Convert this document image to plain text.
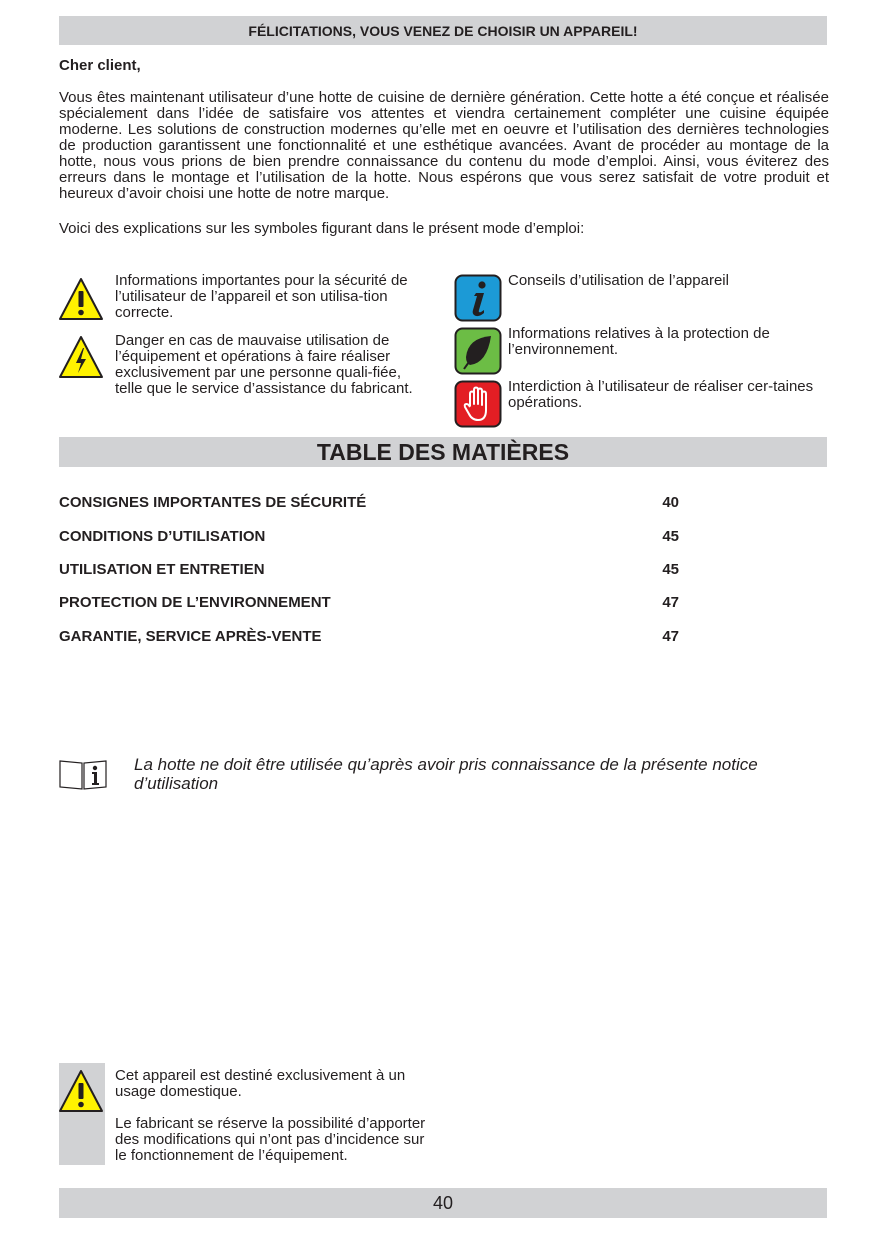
FÉLICITATIONS, VOUS VENEZ DE CHOISIR UN APPAREIL!

Cher client,

Vous êtes maintenant utilisateur d’une hotte de cuisine de dernière génération. Cette hotte a été conçue et réalisée spécialement dans l’idée de satisfaire vos attentes et viendra certainement compléter une cuisine équipée moderne. Les solutions de construction modernes qu’elle met en oeuvre et l’utilisation des dernières technologies de production garantissent une fonctionnalité et une esthétique avancées. Avant de procéder au montage de la hotte, nous vous prions de bien prendre connaissance du contenu du mode d’emploi. Ainsi, vous éviterez des erreurs dans le montage et l’utilisation de la hotte. Nous espérons que vous serez satisfait de votre produit et heureux d’avoir choisi une hotte de notre marque.

Voici des explications sur les symboles figurant dans le présent mode d’emploi:

Informations importantes pour la sécurité de l’utilisateur de l’appareil et son utilisa-tion correcte.

Danger en cas de mauvaise utilisation de l’équipement et opérations à faire réaliser exclusivement par une personne quali-fiée, telle que le service d’assistance du fabricant.

Conseils d’utilisation de l’appareil

Informations relatives à la protection de l’environnement.

Interdiction à l’utilisateur de réaliser cer-taines opérations.

TABLE DES MATIÈRES
CONSIGNES IMPORTANTES DE SÉCURITÉ	40
CONDITIONS D’UTILISATION	45
UTILISATION ET ENTRETIEN	45
PROTECTION DE L’ENVIRONNEMENT	47
GARANTIE, SERVICE APRÈS-VENTE	47

La hotte ne doit être utilisée qu’après avoir pris connaissance de la présente notice d’utilisation

Cet appareil est destiné exclusivement à un usage domestique.

Le fabricant se réserve la possibilité d’apporter des modifications qui n’ont pas d’incidence sur le fonctionnement de l’équipement.

40
